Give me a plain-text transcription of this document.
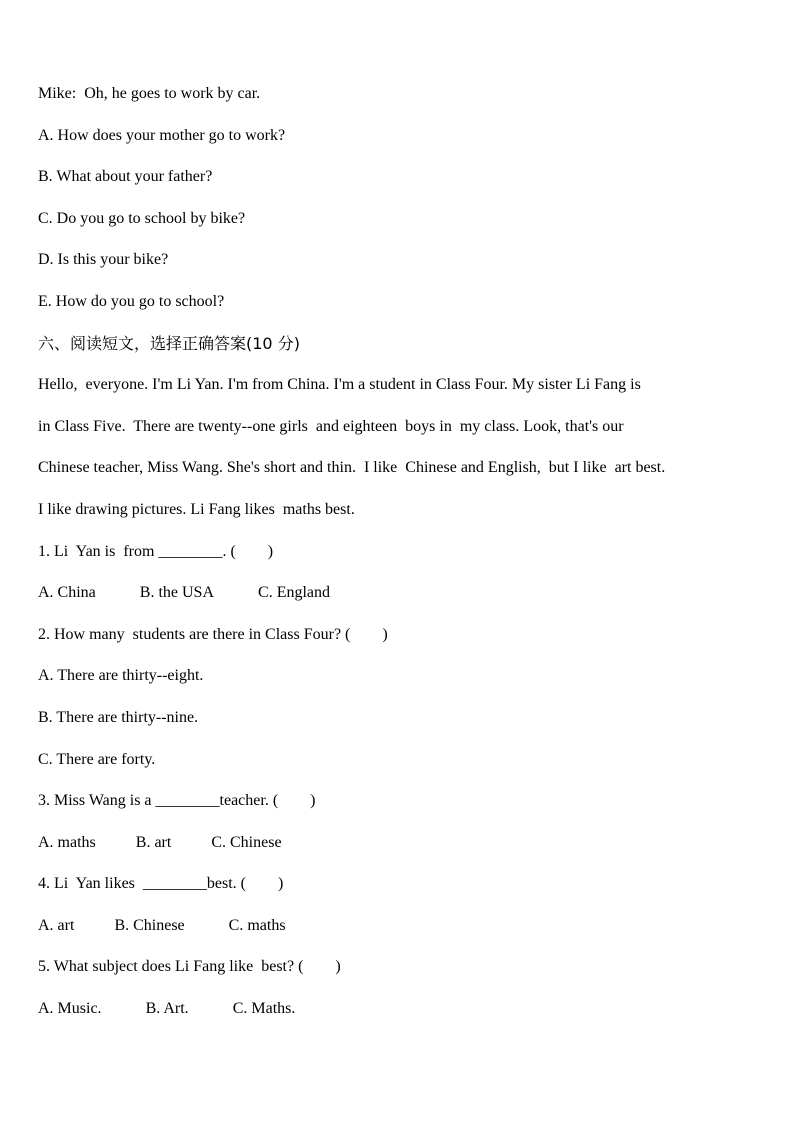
Mike:  Oh, he goes to work by car.
A. How does your mother go to work?
B. What about your father?
C. Do you go to school by bike?
D. Is this your bike?
E. How do you go to school?
六、阅读短文，选择正确答案(10 分)
Hello,  everyone. I'm Li Yan. I'm from China. I'm a student in Class Four. My sister Li Fang is
in Class Five.  There are twenty--one girls  and eighteen  boys in  my class. Look, that's our
Chinese teacher, Miss Wang. She's short and thin.  I like  Chinese and English,  but I like  art best.
I like drawing pictures. Li Fang likes  maths best.
1. Li  Yan is  from ________. (        )
A. China	B. the USA	C. England
2. How many  students are there in Class Four? (        )
A. There are thirty--eight.
B. There are thirty--nine.
C. There are forty.
3. Miss Wang is a ________teacher. (        )
A. maths	B. art	C. Chinese
4. Li  Yan likes  ________best. (        )
A. art	B. Chinese	C. maths
5. What subject does Li Fang like  best? (        )
A. Music.	B. Art.	C. Maths.
